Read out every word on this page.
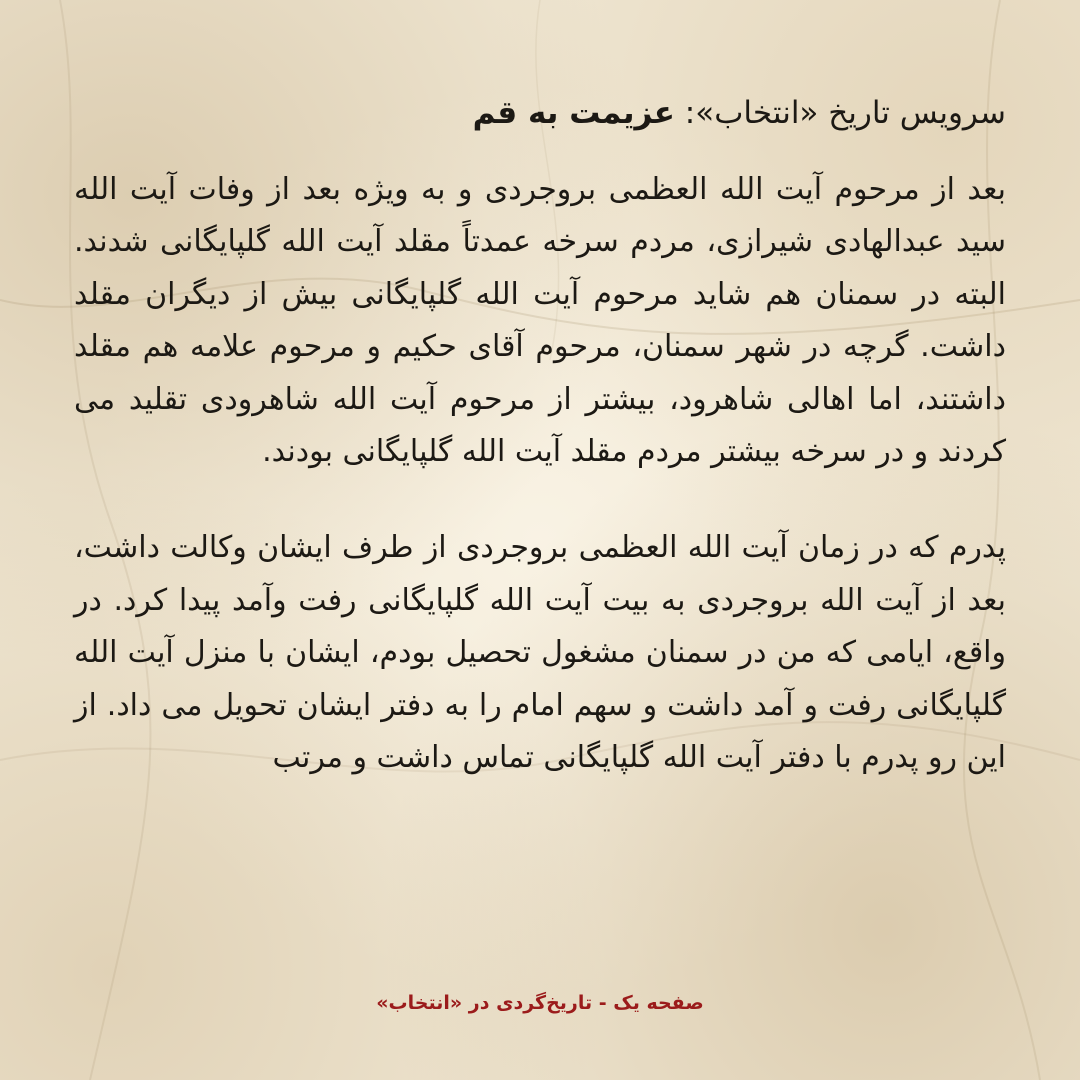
سرویس تاریخ «انتخاب»: عزیمت به قم

بعد از مرحوم آیت الله العظمی بروجردی و به ویژه بعد از وفات آیت الله سید عبدالهادی شیرازی، مردم سرخه عمدتاً مقلد آیت الله گلپایگانی شدند. البته در سمنان هم شاید مرحوم آیت الله گلپایگانی بیش از دیگران مقلد داشت. گرچه در شهر سمنان، مرحوم آقای حکیم و مرحوم علامه هم مقلد داشتند، اما اهالی شاهرود، بیشتر از مرحوم آیت الله شاهرودی تقلید می کردند و در سرخه بیشتر مردم مقلد آیت الله گلپایگانی بودند.

پدرم که در زمان آیت الله العظمی بروجردی از طرف ایشان وکالت داشت، بعد از آیت الله بروجردی به بیت آیت الله گلپایگانی رفت وآمد پیدا کرد. در واقع، ایامی که من در سمنان مشغول تحصیل بودم، ایشان با منزل آیت الله گلپایگانی رفت و آمد داشت و سهم امام را به دفتر ایشان تحویل می داد. از این رو پدرم با دفتر آیت الله گلپایگانی تماس داشت و مرتب

صفحه یک - تاریخ‌گردی در «انتخاب»
